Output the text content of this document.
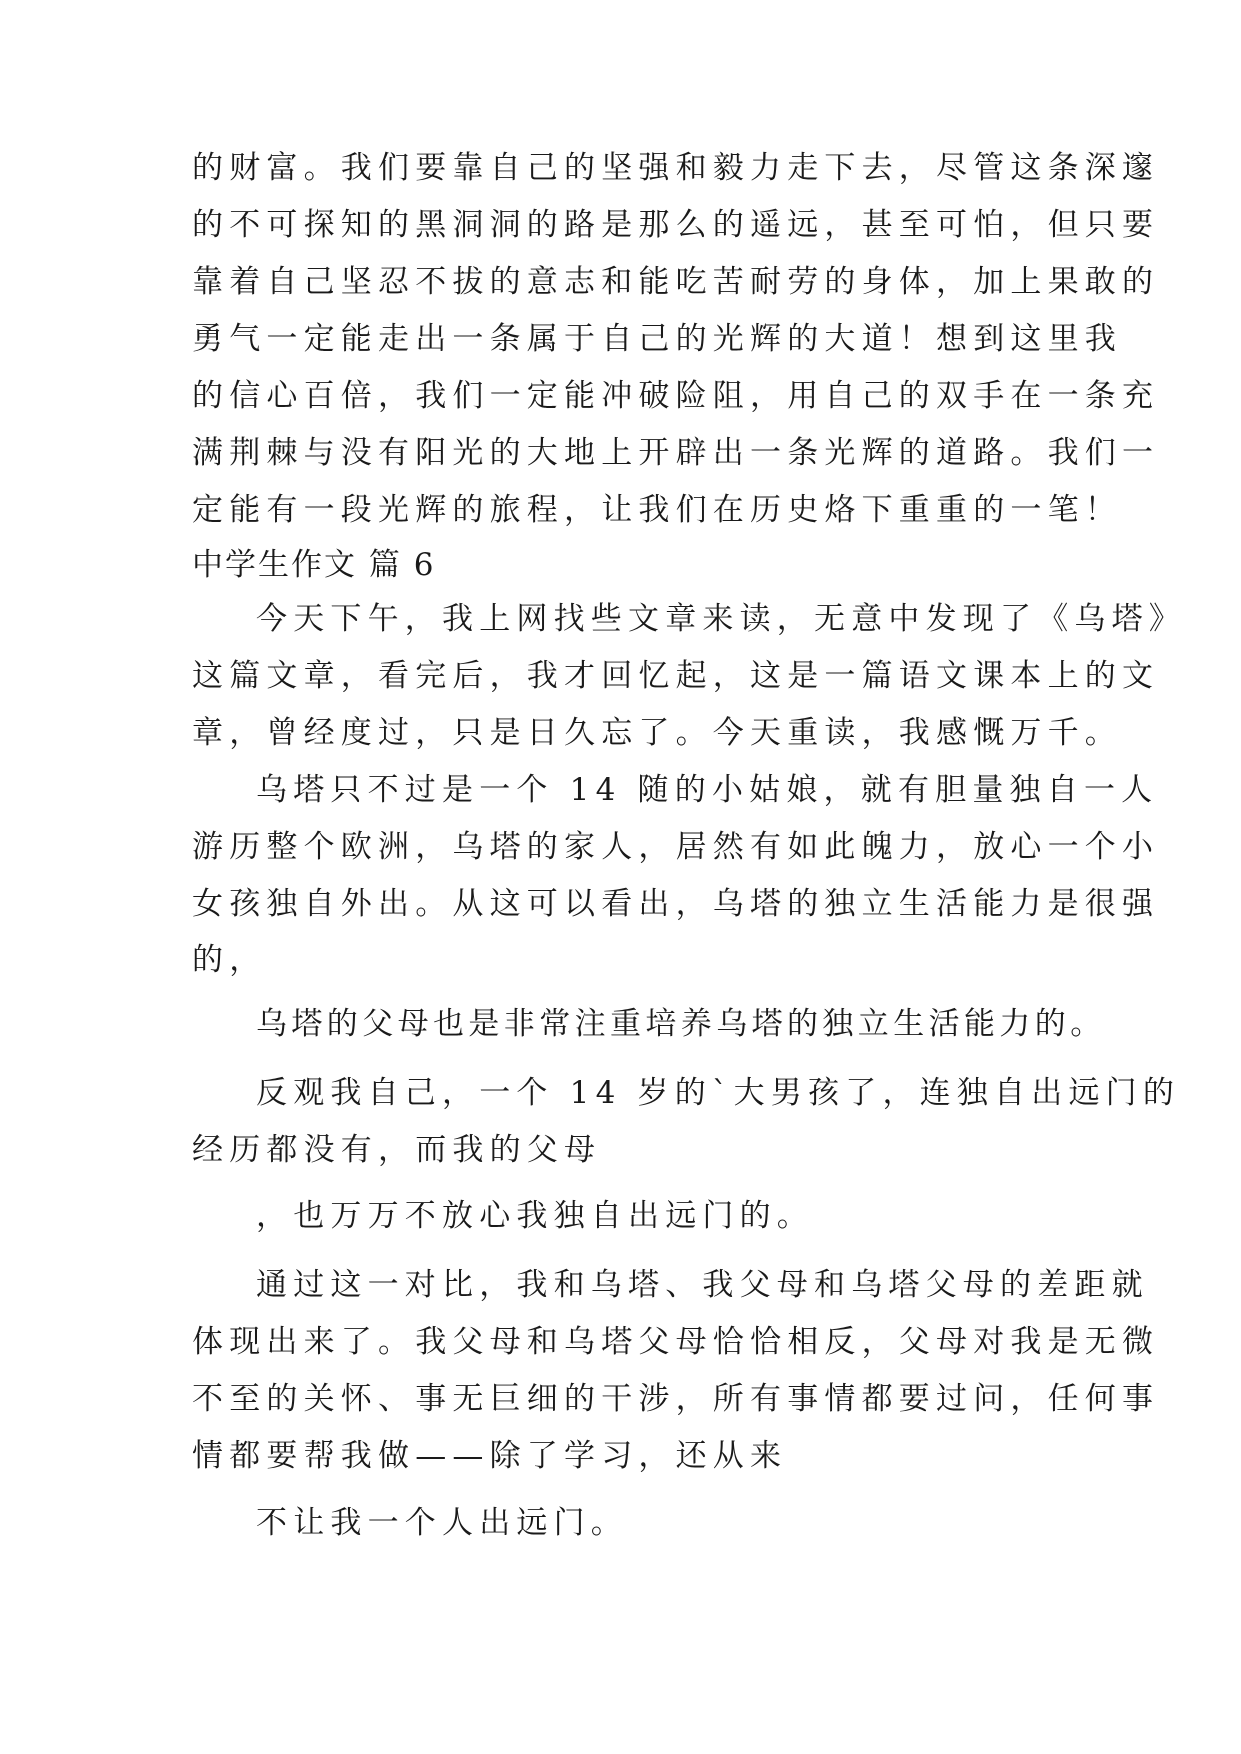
的财富。我们要靠自己的坚强和毅力走下去，尽管这条深邃

的不可探知的黑洞洞的路是那么的遥远，甚至可怕，但只要

靠着自己坚忍不拔的意志和能吃苦耐劳的身体，加上果敢的

勇气一定能走出一条属于自己的光辉的大道！想到这里我

的信心百倍，我们一定能冲破险阻，用自己的双手在一条充

满荆棘与没有阳光的大地上开辟出一条光辉的道路。我们一

定能有一段光辉的旅程，让我们在历史烙下重重的一笔！

中学生作文 篇 6

今天下午，我上网找些文章来读，无意中发现了《乌塔》

这篇文章，看完后，我才回忆起，这是一篇语文课本上的文

章，曾经度过，只是日久忘了。今天重读，我感慨万千。

乌塔只不过是一个 14 随的小姑娘，就有胆量独自一人

游历整个欧洲，乌塔的家人，居然有如此魄力，放心一个小

女孩独自外出。从这可以看出，乌塔的独立生活能力是很强

的，

乌塔的父母也是非常注重培养乌塔的独立生活能力的。

反观我自己，一个 14 岁的`大男孩了，连独自出远门的

经历都没有，而我的父母

，也万万不放心我独自出远门的。

通过这一对比，我和乌塔、我父母和乌塔父母的差距就

体现出来了。我父母和乌塔父母恰恰相反，父母对我是无微

不至的关怀、事无巨细的干涉，所有事情都要过问，任何事

情都要帮我做——除了学习，还从来

不让我一个人出远门。
